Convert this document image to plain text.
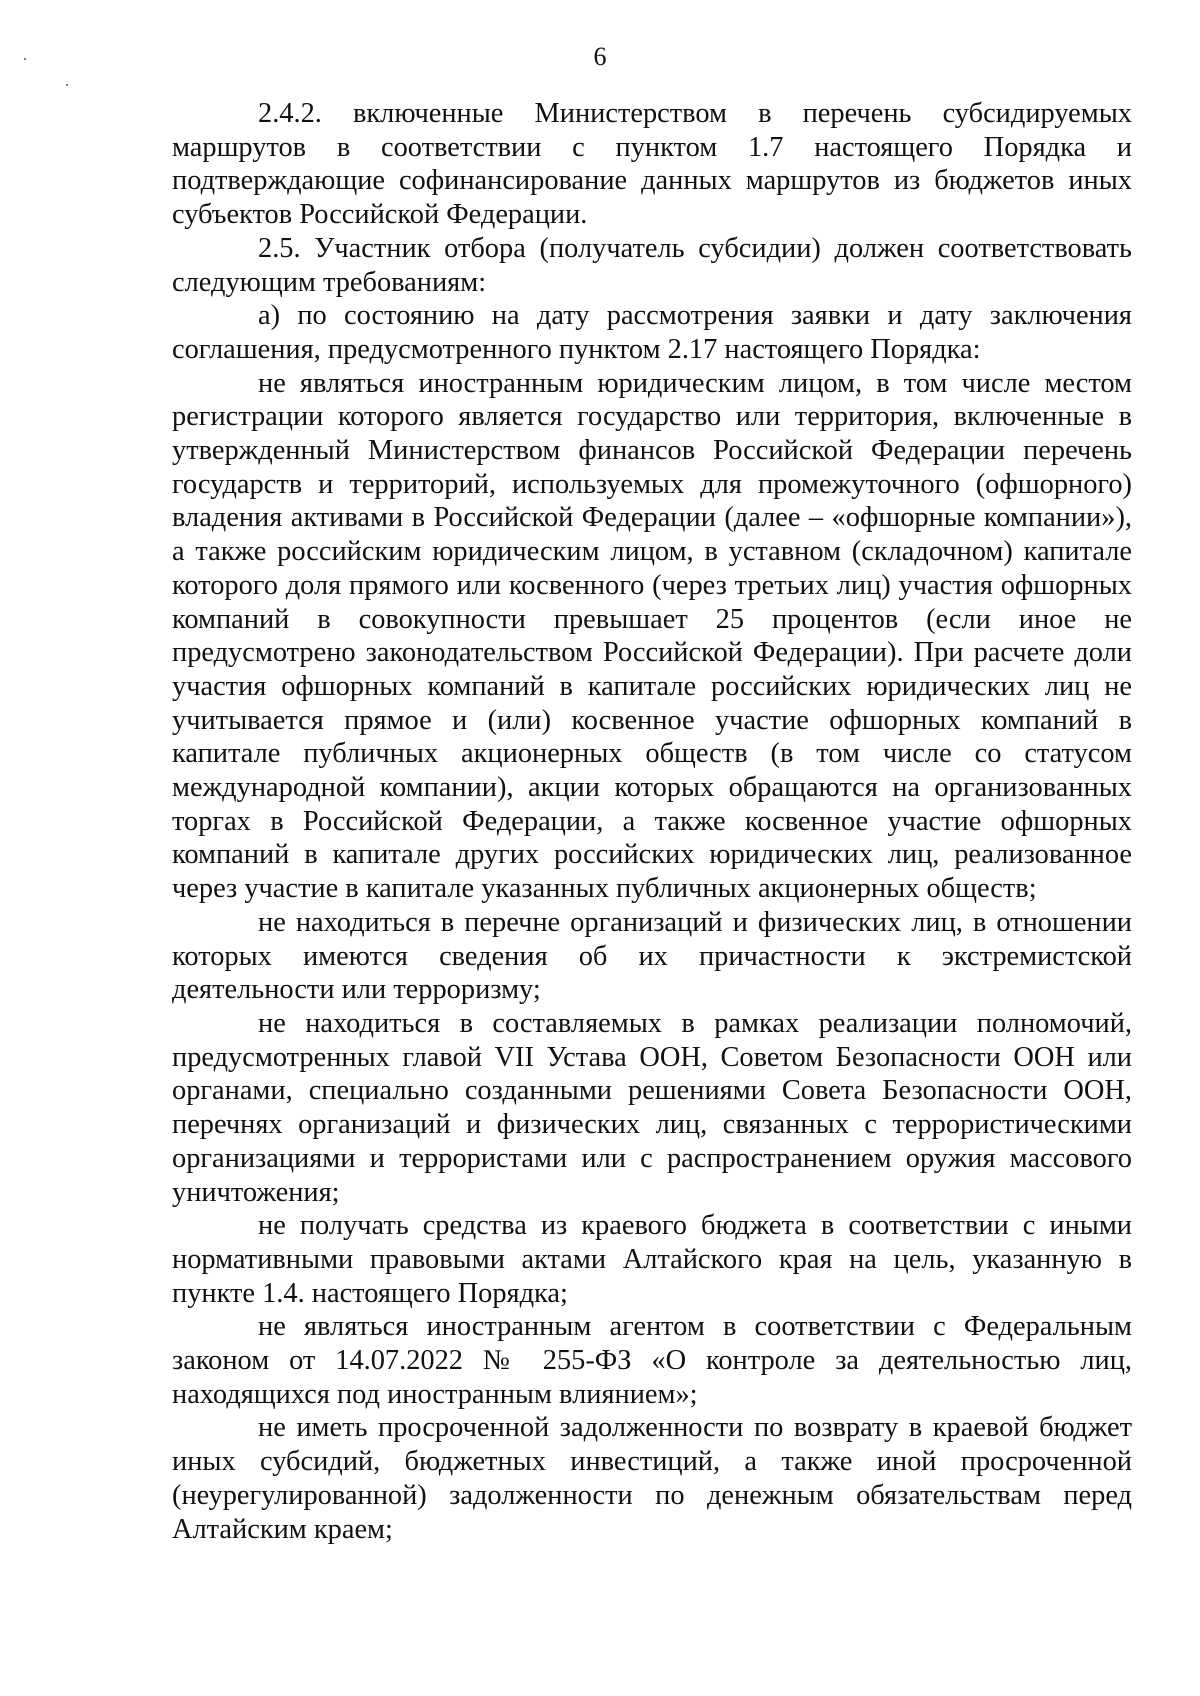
6

2.4.2. включенные Министерством в перечень субсидируемых маршрутов в соответствии с пунктом 1.7 настоящего Порядка и подтверждающие софинансирование данных маршрутов из бюджетов иных субъектов Российской Федерации.

2.5. Участник отбора (получатель субсидии) должен соответствовать следующим требованиям:

а) по состоянию на дату рассмотрения заявки и дату заключения соглашения, предусмотренного пунктом 2.17 настоящего Порядка:

не являться иностранным юридическим лицом, в том числе местом регистрации которого является государство или территория, включенные в утвержденный Министерством финансов Российской Федерации перечень государств и территорий, используемых для промежуточного (офшорного) владения активами в Российской Федерации (далее – «офшорные компании»), а также российским юридическим лицом, в уставном (складочном) капитале которого доля прямого или косвенного (через третьих лиц) участия офшорных компаний в совокупности превышает 25 процентов (если иное не предусмотрено законодательством Российской Федерации). При расчете доли участия офшорных компаний в капитале российских юридических лиц не учитывается прямое и (или) косвенное участие офшорных компаний в капитале публичных акционерных обществ (в том числе со статусом международной компании), акции которых обращаются на организованных торгах в Российской Федерации, а также косвенное участие офшорных компаний в капитале других российских юридических лиц, реализованное через участие в капитале указанных публичных акционерных обществ;

не находиться в перечне организаций и физических лиц, в отношении которых имеются сведения об их причастности к экстремистской деятельности или терроризму;

не находиться в составляемых в рамках реализации полномочий, предусмотренных главой VII Устава ООН, Советом Безопасности ООН или органами, специально созданными решениями Совета Безопасности ООН, перечнях организаций и физических лиц, связанных с террористическими организациями и террористами или с распространением оружия массового уничтожения;

не получать средства из краевого бюджета в соответствии с иными нормативными правовыми актами Алтайского края на цель, указанную в пункте 1.4. настоящего Порядка;

не являться иностранным агентом в соответствии с Федеральным законом от 14.07.2022 № 255-ФЗ «О контроле за деятельностью лиц, находящихся под иностранным влиянием»;

не иметь просроченной задолженности по возврату в краевой бюджет иных субсидий, бюджетных инвестиций, а также иной просроченной (неурегулированной) задолженности по денежным обязательствам перед Алтайским краем;
